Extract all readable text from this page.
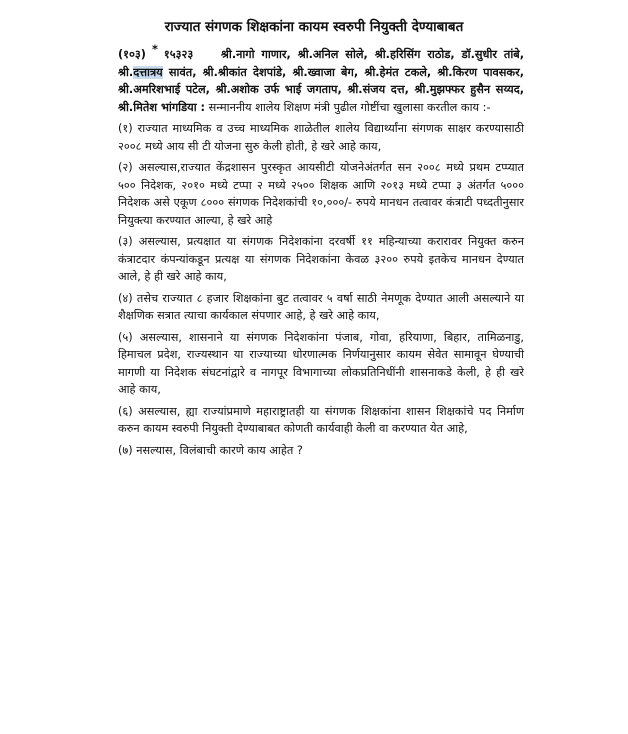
राज्यात संगणक शिक्षकांना कायम स्वरुपी नियुक्ती देण्याबाबत

(१०३) * १५३२३ श्री.नागो गाणार, श्री.अनिल सोले, श्री.हरिसिंग राठोड, डॉ.सुधीर तांबे, श्री.दत्तात्रय सावंत, श्री.श्रीकांत देशपांडे, श्री.ख्वाजा बेग, श्री.हेमंत टकले, श्री.किरण पावसकर, श्री.अमरिशभाई पटेल, श्री.अशोक उर्फ भाई जगताप, श्री.संजय दत्त, श्री.मुझफ्फर हुसैन सय्यद, श्री.मितेश भांगडिया : सन्माननीय शालेय शिक्षण मंत्री पुढील गोष्टींचा खुलासा करतील काय :-

(१) राज्यात माध्यमिक व उच्च माध्यमिक शाळेतील शालेय विद्यार्थ्यांना संगणक साक्षर करण्यासाठी २००८ मध्ये आय सी टी योजना सुरु केली होती, हे खरे आहे काय,

(२) असल्यास,राज्यात केंद्रशासन पुरस्कृत आयसीटी योजनेअंतर्गत सन २००८ मध्ये प्रथम टप्प्यात ५०० निदेशक, २०१० मध्ये टप्पा २ मध्ये २५०० शिक्षक आणि २०१३ मध्ये टप्पा ३ अंतर्गत ५००० निदेशक असे एकूण ८००० संगणक निदेशकांची १०,०००/- रुपये मानधन तत्वावर कंत्राटी पध्दतीनुसार नियुक्त्या करण्यात आल्या, हे खरे आहे

(३) असल्यास, प्रत्यक्षात या संगणक निदेशकांना दरवर्षी ११ महिन्याच्या करारावर नियुक्त करुन कंत्राटदार कंपन्यांकडून प्रत्यक्ष या संगणक निदेशकांना केवळ ३२०० रुपये इतकेच मानधन देण्यात आले, हे ही खरे आहे काय,

(४) तसेच राज्यात ८ हजार शिक्षकांना बुट तत्वावर ५ वर्षा साठी नेमणूक देण्यात आली असल्याने या शैक्षणिक सत्रात त्याचा कार्यकाल संपणार आहे, हे खरे आहे काय,

(५) असल्यास, शासनाने या संगणक निदेशकांना पंजाब, गोवा, हरियाणा, बिहार, तामिळनाडु, हिमाचल प्रदेश, राज्यस्थान या राज्याच्या धोरणात्मक निर्णयानुसार कायम सेवेत सामावून घेण्याची मागणी या निदेशक संघटनांद्वारे व नागपूर विभागाच्या लोकप्रतिनिधींनी शासनाकडे केली, हे ही खरे आहे काय,

(६) असल्यास, ह्या राज्यांप्रमाणे महाराष्ट्रातही या संगणक शिक्षकांना शासन शिक्षकांचे पद निर्माण करुन कायम स्वरुपी नियुक्ती देण्याबाबत कोणती कार्यवाही केली वा करण्यात येत आहे,

(७) नसल्यास, विलंबाची कारणे काय आहेत ?
